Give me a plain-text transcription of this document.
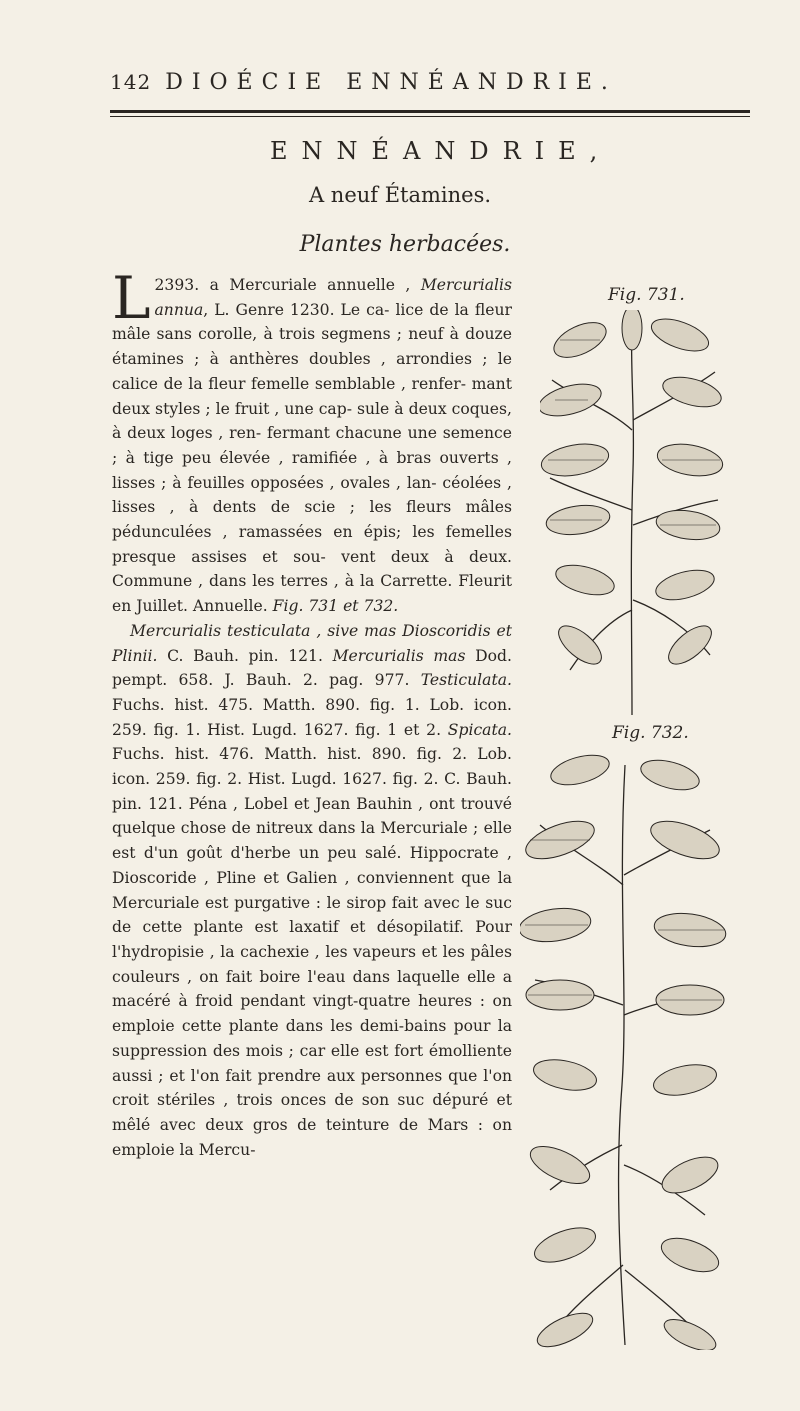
142 DIOÉCIE ENNÉANDRIE.
ENNÉANDRIE,
A neuf Étamines.
Plantes herbacées.
2393.
L	a Mercuriale annuelle , Mercurialis annua, L. Genre 1230. Le ca- lice de la fleur mâle sans corolle, à trois segmens ; neuf à douze étamines ; à anthères doubles , arrondies ; le calice de la fleur femelle semblable , renfer- mant deux styles ; le fruit , une cap- sule à deux coques, à deux loges , ren- fermant chacune une semence ; à tige peu élevée , ramifiée , à bras ouverts , lisses ; à feuilles opposées , ovales , lan- céolées , lisses , à dents de scie ; les fleurs mâles pédunculées , ramassées en épis; les femelles presque assises et sou- vent deux à deux. Commune , dans les terres , à la Carrette. Fleurit en Juillet. Annuelle. Fig. 731 et 732.
Mercurialis testiculata , sive mas Dioscoridis et Plinii. C. Bauh. pin. 121. Mercurialis mas Dod. pempt. 658. J. Bauh. 2. pag. 977. Testiculata. Fuchs. hist. 475. Matth. 890. fig. 1. Lob. icon. 259. fig. 1. Hist. Lugd. 1627. fig. 1 et 2. Spicata. Fuchs. hist. 476. Matth. hist. 890. fig. 2. Lob. icon. 259. fig. 2. Hist. Lugd. 1627. fig. 2. C. Bauh. pin. 121. Péna , Lobel et Jean Bauhin , ont trouvé quelque chose de nitreux dans la Mercuriale ; elle est d'un goût d'herbe un peu salé. Hippocrate , Dioscoride , Pline et Galien , conviennent que la Mercuriale est purgative : le sirop fait avec le suc de cette plante est laxatif et désopilatif. Pour l'hydropisie , la cachexie , les vapeurs et les pâles couleurs , on fait boire l'eau dans laquelle elle a macéré à froid pendant vingt-quatre heures : on emploie cette plante dans les demi-bains pour la suppression des mois ; car elle est fort émolliente aussi ; et l'on fait prendre aux personnes que l'on croit stériles , trois onces de son suc dépuré et mêlé avec deux gros de teinture de Mars : on emploie la Mercu-
Fig. 731.
Fig. 732.
